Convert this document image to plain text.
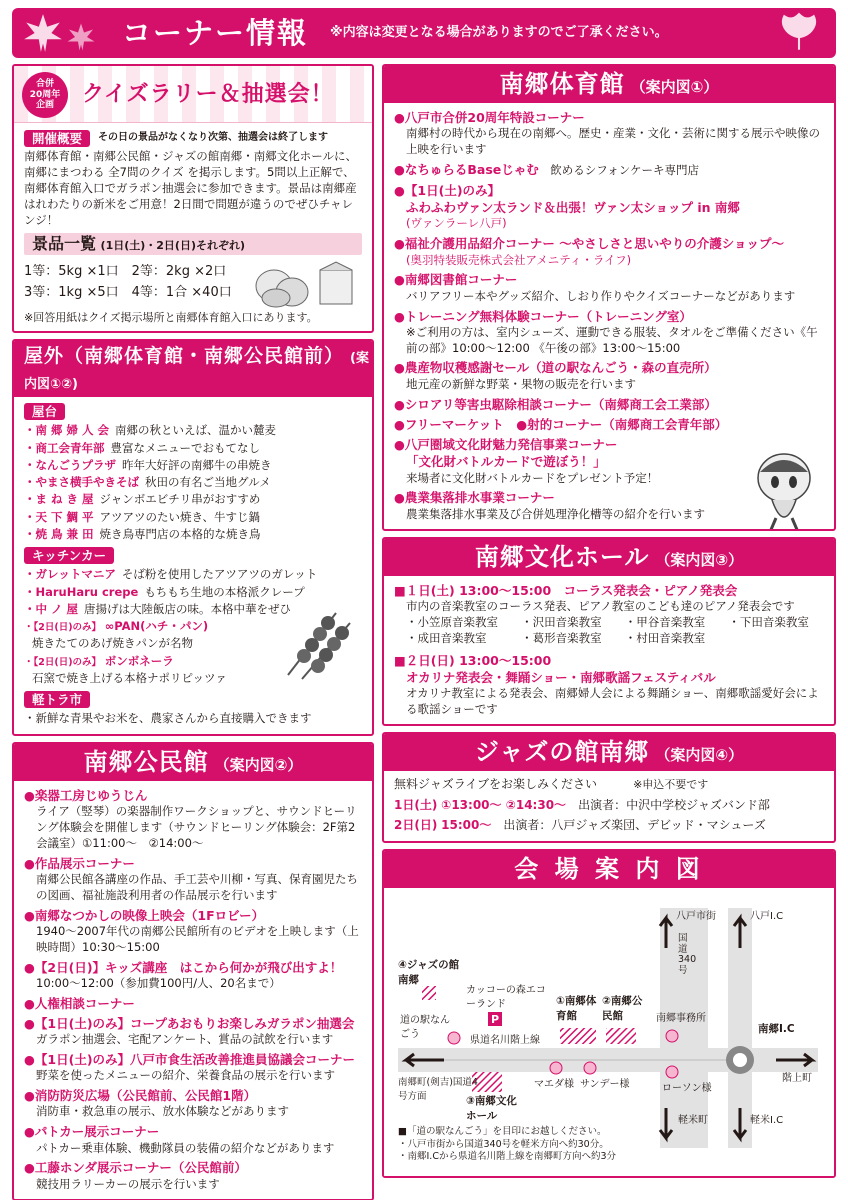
コーナー情報 ※内容は変更となる場合がありますのでご了承ください。
合併
20周年
企画 クイズラリー＆抽選会！
開催概要	その日の景品がなくなり次第、抽選会は終了します
南郷体育館・南郷公民館・ジャズの館南郷・南郷文化ホールに、南郷にまつわる 全7問のクイズ を掲示します。5問以上正解で、南郷体育館入口でガラポン抽選会に参加できます。景品は南郷産はれわたりの新米をご用意！2日間で問題が違うのでぜひチャレンジ！
景品一覧 (1日(土)・2日(日)それぞれ)
1等：5kg ×1口　2等：2kg ×2口
3等：1kg ×5口　4等：1合 ×40口
※回答用紙はクイズ掲示場所と南郷体育館入口にあります。
屋外（南郷体育館・南郷公民館前） (案内図①②)
屋台
・南 郷 婦 人 会 南郷の秋といえば、温かい麓麦
・商工会青年部 豊富なメニューでおもてなし
・なんごうプラザ 昨年大好評の南郷牛の串焼き
・やまさ横手やきそば 秋田の有名ご当地グルメ
・ま ね き 屋 ジャンボエビチリ串がおすすめ
・天 下 鯛 平 アツアツのたい焼き、牛すじ鍋
・焼 鳥 兼 田 焼き鳥専門店の本格的な焼き鳥
キッチンカー
・ガレットマニア そば粉を使用したアツアツのガレット
・HaruHaru crepe もちもち生地の本格派クレープ
・中 ノ 屋 唐揚げは大陸飯店の味。本格中華をぜひ
・【2日(日)のみ】 ∞PAN(ハチ・パン)
焼きたてのあげ焼きパンが名物
・【2日(日)のみ】 ボンボネーラ
石窯で焼き上げる本格ナポリピッツァ
軽トラ市
・新鮮な青果やお米を、農家さんから直接購入できます
南郷公民館 （案内図②）
●楽器工房じゆうじん
ライア（竪琴）の楽器制作ワークショップと、サウンドヒーリング体験会を開催します（サウンドヒーリング体験会：2F第2会議室）①11:00～　②14:00～
●作品展示コーナー
南郷公民館各講座の作品、手工芸や川柳・写真、保育園児たちの図画、福祉施設利用者の作品展示を行います
●南郷なつかしの映像上映会（1Fロビー）
1940～2007年代の南郷公民館所有のビデオを上映します（上映時間）10:30～15:00
●【2日(日)】キッズ講座　はこから何かが飛び出すよ！
10:00～12:00（参加費100円/人、20名まで）
●人権相談コーナー
●【1日(土)のみ】コープあおもりお楽しみガラポン抽選会
ガラポン抽選会、宅配アンケート、賞品の試飲を行います
●【1日(土)のみ】八戸市食生活改善推進員協議会コーナー
野菜を使ったメニューの紹介、栄養食品の展示を行います
●消防防災広場（公民館前、公民館1階）
消防車・救急車の展示、放水体験などがあります
●パトカー展示コーナー
パトカー乗車体験、機動隊員の装備の紹介などがあります
●工藤ホンダ展示コーナー（公民館前）
競技用ラリーカーの展示を行います
南郷体育館 （案内図①）
●八戸市合併20周年特設コーナー
南郷村の時代から現在の南郷へ。歴史・産業・文化・芸術に関する展示や映像の上映を行います
●なちゅらるBaseじゃむ　 飲めるシフォンケーキ専門店
●【1日(土)のみ】
ふわふわヴァン太ランド＆出張！ヴァン太ショップ in 南郷
(ヴァンラーレ八戸)
●福祉介護用品紹介コーナー ～やさしさと思いやりの介護ショップ～
(奥羽特装販売株式会社アメニティ・ライフ)
●南郷図書館コーナー
バリアフリー本やグッズ紹介、しおり作りやクイズコーナーなどがあります
●トレーニング無料体験コーナー（トレーニング室）
※ご利用の方は、室内シューズ、運動できる服装、タオルをご準備ください《午前の部》10:00～12:00 《午後の部》13:00～15:00
●農産物収穫感謝セール（道の駅なんごう・森の直売所）
地元産の新鮮な野菜・果物の販売を行います
●シロアリ等害虫駆除相談コーナー（南郷商工会工業部）
●フリーマーケット　●射的コーナー（南郷商工会青年部）
●八戸圏域文化財魅力発信事業コーナー
「文化財バトルカードで遊ぼう！」
来場者に文化財バトルカードをプレゼント予定！
●農業集落排水事業コーナー
農業集落排水事業及び合併処理浄化槽等の紹介を行います
南郷文化ホール （案内図③）
■１日(土) 13:00～15:00　コーラス発表会・ピアノ発表会
市内の音楽教室のコーラス発表、ピアノ教室のこども達のピアノ発表会です
・小笠原音楽教室	・沢田音楽教室	・甲谷音楽教室	・下田音楽教室
・成田音楽教室	・葛形音楽教室	・村田音楽教室
■２日(日) 13:00～15:00
オカリナ発表会・舞踊ショー・南郷歌謡フェスティバル
オカリナ教室による発表会、南郷婦人会による舞踊ショー、南郷歌謡愛好会による歌謡ショーです
ジャズの館南郷 （案内図④）
無料ジャズライブをお楽しみください　　　	※申込不要です
1日(土) ①13:00～ ②14:30～　 出演者：中沢中学校ジャズバンド部
2日(日) 15:00～　 出演者：八戸ジャズ楽団、デビッド・マシューズ
会 場 案 内 図
八戸市街	八戸I.C
国道340号
④ジャズの館南郷
カッコーの森エコーランド
P
①南郷体育館
②南郷公民館
道の駅なんごう
南郷事務所
南郷I.C
県道名川階上線
南郷町(剣吉)国道4号方面	③南郷文化ホール
マエダ様 サンデー様	ローソン様
階上町
軽米町	軽米I.C
■「道の駅なんごう」を目印にお越しください。
・八戸市街から国道340号を軽米方向へ約30分。
・南郷I.Cから県道名川階上線を南郷町方向へ約3分
